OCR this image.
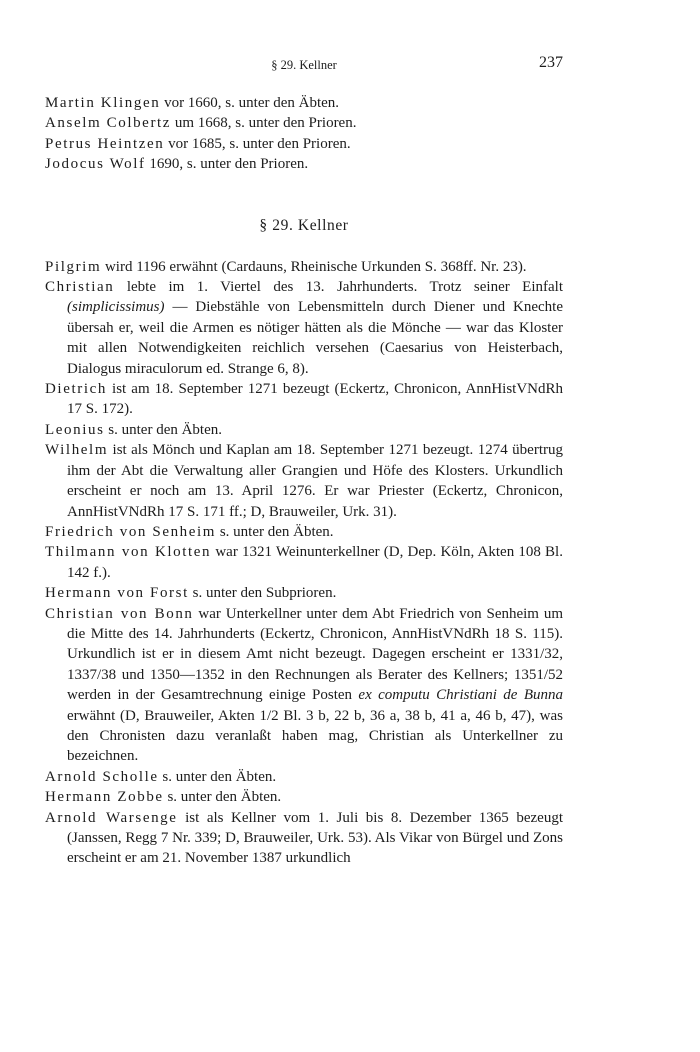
§ 29. Kellner	237
Martin Klingen vor 1660, s. unter den Äbten.
Anselm Colbertz um 1668, s. unter den Prioren.
Petrus Heintzen vor 1685, s. unter den Prioren.
Jodocus Wolf 1690, s. unter den Prioren.
§ 29. Kellner
Pilgrim wird 1196 erwähnt (Cardauns, Rheinische Urkunden S. 368ff. Nr. 23).
Christian lebte im 1. Viertel des 13. Jahrhunderts. Trotz seiner Einfalt (simplicissimus) — Diebstähle von Lebensmitteln durch Diener und Knechte übersah er, weil die Armen es nötiger hätten als die Mönche — war das Kloster mit allen Notwendigkeiten reichlich versehen (Caesarius von Heisterbach, Dialogus miraculorum ed. Strange 6, 8).
Dietrich ist am 18. September 1271 bezeugt (Eckertz, Chronicon, AnnHistVNdRh 17 S. 172).
Leonius s. unter den Äbten.
Wilhelm ist als Mönch und Kaplan am 18. September 1271 bezeugt. 1274 übertrug ihm der Abt die Verwaltung aller Grangien und Höfe des Klosters. Urkundlich erscheint er noch am 13. April 1276. Er war Priester (Eckertz, Chronicon, AnnHistVNdRh 17 S. 171 ff.; D, Brauweiler, Urk. 31).
Friedrich von Senheim s. unter den Äbten.
Thilmann von Klotten war 1321 Weinunterkellner (D, Dep. Köln, Akten 108 Bl. 142 f.).
Hermann von Forst s. unter den Subprioren.
Christian von Bonn war Unterkellner unter dem Abt Friedrich von Senheim um die Mitte des 14. Jahrhunderts (Eckertz, Chronicon, AnnHistVNdRh 18 S. 115). Urkundlich ist er in diesem Amt nicht bezeugt. Dagegen erscheint er 1331/32, 1337/38 und 1350—1352 in den Rechnungen als Berater des Kellners; 1351/52 werden in der Gesamtrechnung einige Posten ex computu Christiani de Bunna erwähnt (D, Brauweiler, Akten 1/2 Bl. 3 b, 22 b, 36 a, 38 b, 41 a, 46 b, 47), was den Chronisten dazu veranlaßt haben mag, Christian als Unterkellner zu bezeichnen.
Arnold Scholle s. unter den Äbten.
Hermann Zobbe s. unter den Äbten.
Arnold Warsenge ist als Kellner vom 1. Juli bis 8. Dezember 1365 bezeugt (Janssen, Regg 7 Nr. 339; D, Brauweiler, Urk. 53). Als Vikar von Bürgel und Zons erscheint er am 21. November 1387 urkundlich
